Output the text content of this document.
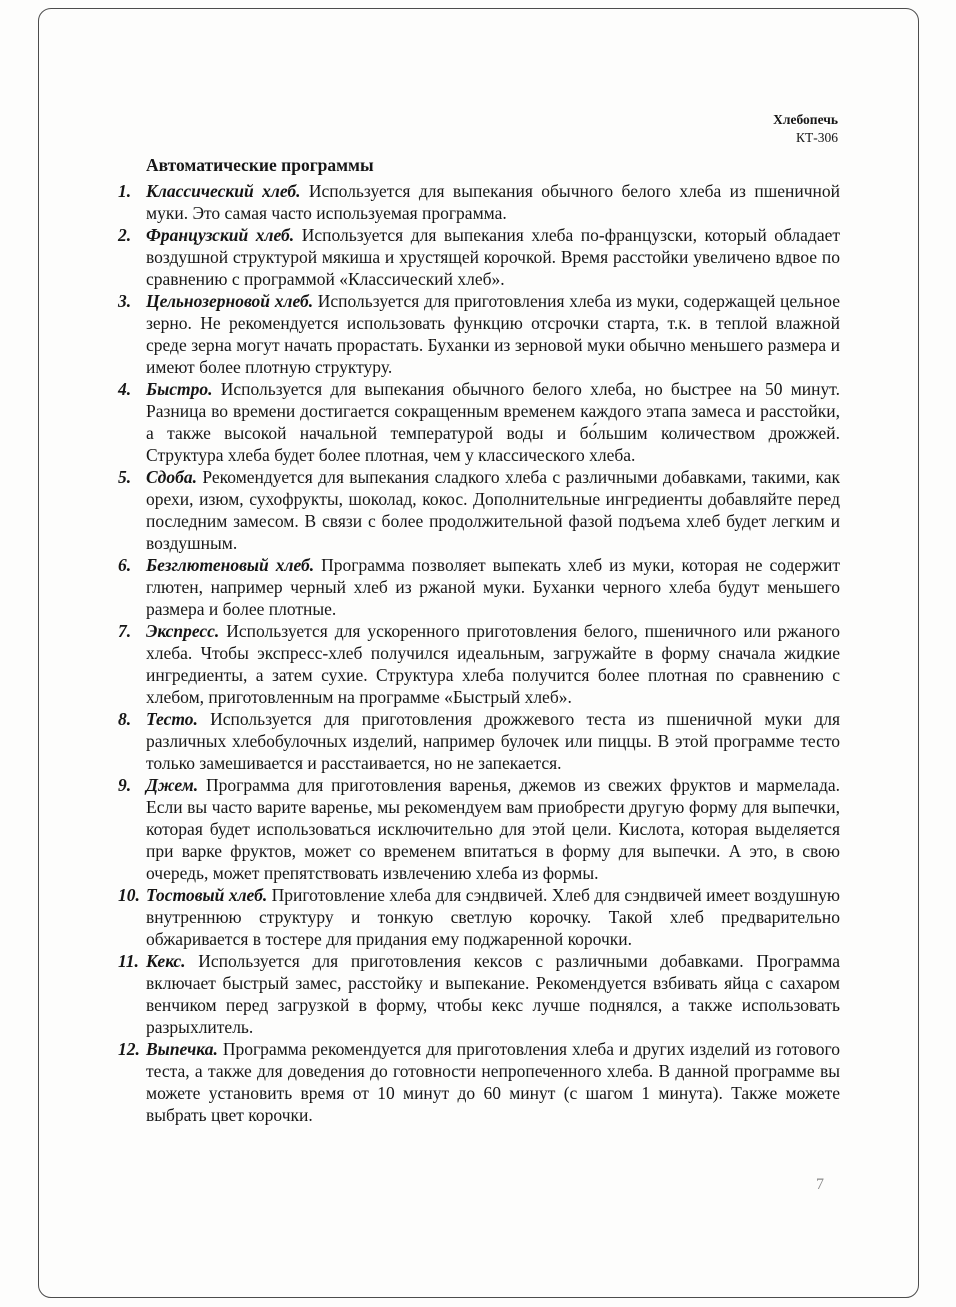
Хлебопечь
КТ-306
Автоматические программы
1. Классический хлеб. Используется для выпекания обычного белого хлеба из пшеничной муки. Это самая часто используемая программа.
2. Французский хлеб. Используется для выпекания хлеба по-французски, который обладает воздушной структурой мякиша и хрустящей корочкой. Время расстойки увеличено вдвое по сравнению с программой «Классический хлеб».
3. Цельнозерновой хлеб. Используется для приготовления хлеба из муки, содержащей цельное зерно. Не рекомендуется использовать функцию отсрочки старта, т.к. в теплой влажной среде зерна могут начать прорастать. Буханки из зерновой муки обычно меньшего размера и имеют более плотную структуру.
4. Быстро. Используется для выпекания обычного белого хлеба, но быстрее на 50 минут. Разница во времени достигается сокращенным временем каждого этапа замеса и расстойки, а также высокой начальной температурой воды и бо́льшим количеством дрожжей. Структура хлеба будет более плотная, чем у классического хлеба.
5. Сдоба. Рекомендуется для выпекания сладкого хлеба с различными добавками, такими, как орехи, изюм, сухофрукты, шоколад, кокос. Дополнительные ингредиенты добавляйте перед последним замесом. В связи с более продолжительной фазой подъема хлеб будет легким и воздушным.
6. Безглютеновый хлеб. Программа позволяет выпекать хлеб из муки, которая не содержит глютен, например черный хлеб из ржаной муки. Буханки черного хлеба будут меньшего размера и более плотные.
7. Экспресс. Используется для ускоренного приготовления белого, пшеничного или ржаного хлеба. Чтобы экспресс-хлеб получился идеальным, загружайте в форму сначала жидкие ингредиенты, а затем сухие. Структура хлеба получится более плотная по сравнению с хлебом, приготовленным на программе «Быстрый хлеб».
8. Тесто. Используется для приготовления дрожжевого теста из пшеничной муки для различных хлебобулочных изделий, например булочек или пиццы. В этой программе тесто только замешивается и расстаивается, но не запекается.
9. Джем. Программа для приготовления варенья, джемов из свежих фруктов и мармелада. Если вы часто варите варенье, мы рекомендуем вам приобрести другую форму для выпечки, которая будет использоваться исключительно для этой цели. Кислота, которая выделяется при варке фруктов, может со временем впитаться в форму для выпечки. А это, в свою очередь, может препятствовать извлечению хлеба из формы.
10. Тостовый хлеб. Приготовление хлеба для сэндвичей. Хлеб для сэндвичей имеет воздушную внутреннюю структуру и тонкую светлую корочку. Такой хлеб предварительно обжаривается в тостере для придания ему поджаренной корочки.
11. Кекс. Используется для приготовления кексов с различными добавками. Программа включает быстрый замес, расстойку и выпекание. Рекомендуется взбивать яйца с сахаром венчиком перед загрузкой в форму, чтобы кекс лучше поднялся, а также использовать разрыхлитель.
12. Выпечка. Программа рекомендуется для приготовления хлеба и других изделий из готового теста, а также для доведения до готовности непропеченного хлеба. В данной программе вы можете установить время от 10 минут до 60 минут (с шагом 1 минута). Также можете выбрать цвет корочки.
7
